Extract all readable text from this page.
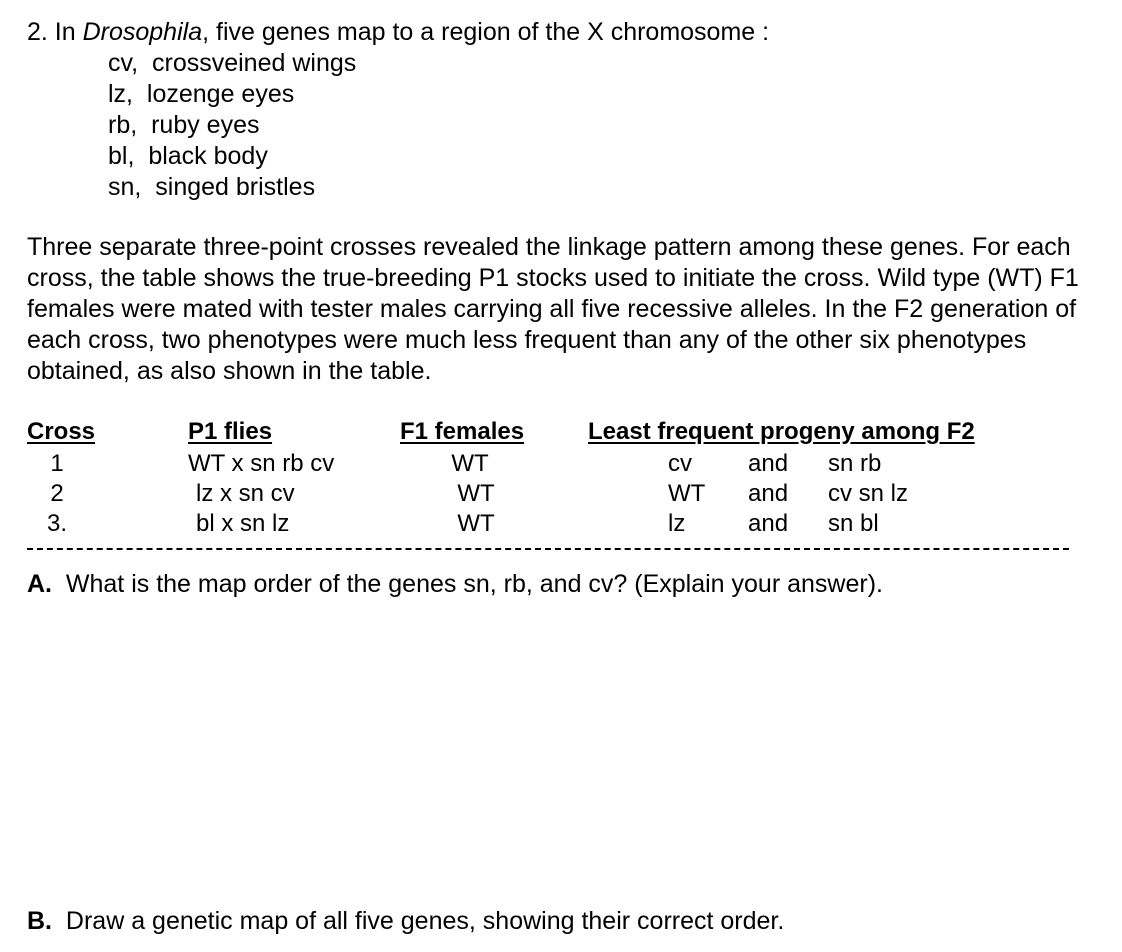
2. In Drosophila, five genes map to a region of the X chromosome :
cv, crossveined wings
lz, lozenge eyes
rb, ruby eyes
bl, black body
sn, singed bristles
Three separate three-point crosses revealed the linkage pattern among these genes. For each cross, the table shows the true-breeding P1 stocks used to initiate the cross. Wild type (WT) F1 females were mated with tester males carrying all five recessive alleles. In the F2 generation of each cross, two phenotypes were much less frequent than any of the other six phenotypes obtained, as also shown in the table.
Cross	P1 flies	F1 females	Least frequent progeny among F2
1	WT x sn rb cv	WT	cv and sn rb
2	lz x sn cv	WT	WT and cv sn lz
3.	bl x sn lz	WT	lz	and sn bl
A. What is the map order of the genes sn, rb, and cv? (Explain your answer).
B. Draw a genetic map of all five genes, showing their correct order.
